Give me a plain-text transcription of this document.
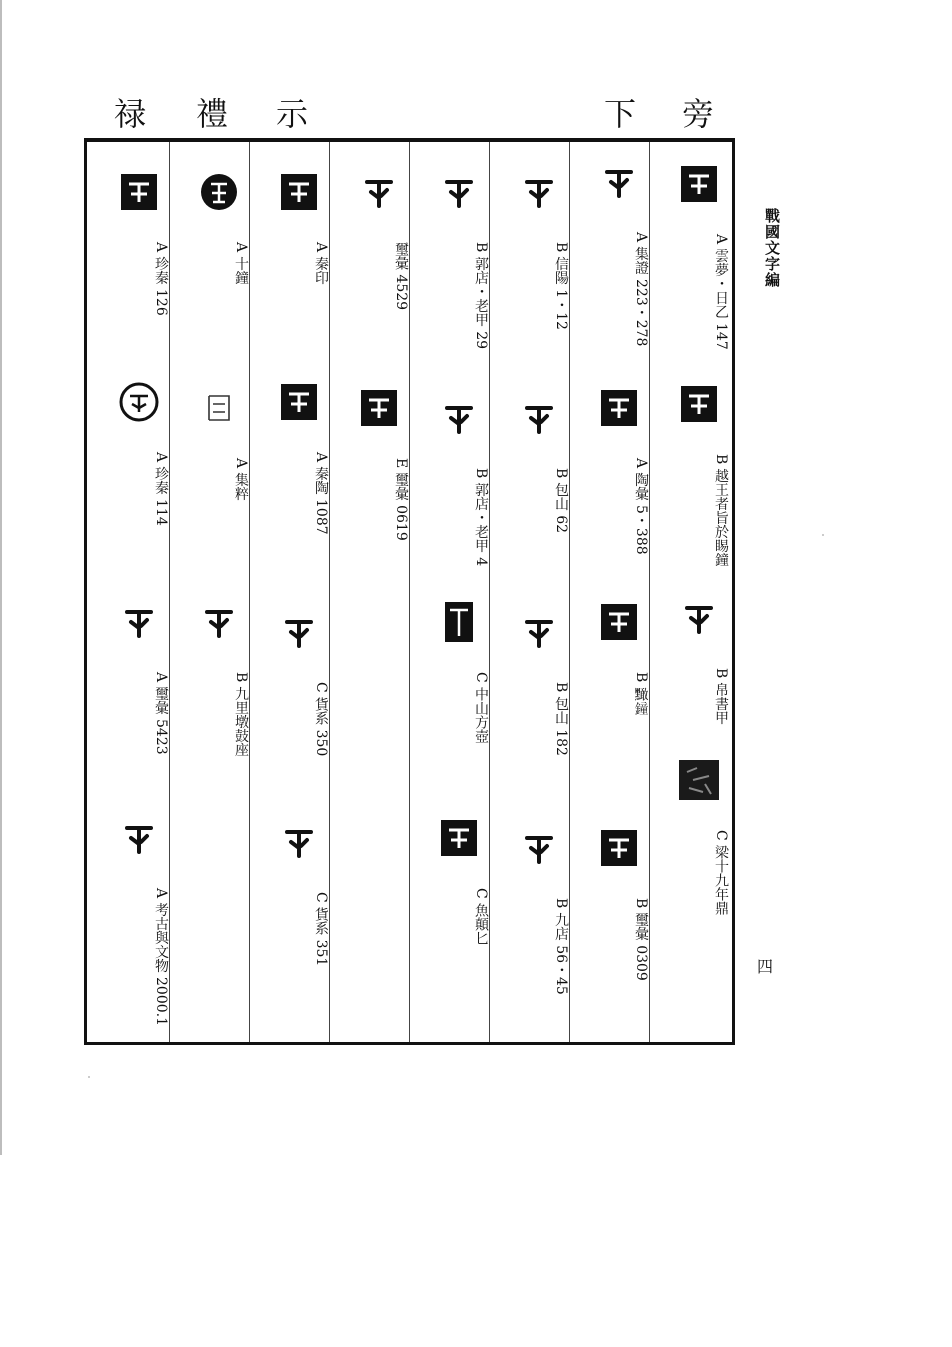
禄	禮	示	下	旁
A 雲夢・日乙 147
B 越王者旨於睗鐘
B 帛書甲
C 梁十九年鼎
A 集證 223・278
A 陶彙 5・388
B 𪒠鐘
B 璽彙 0309
B 信陽 1・12
B 包山 62
B 包山 182
B 九店 56・45
B 郭店・老甲 29
B 郭店・老甲 4
C 中山方壺
C 魚顛匕
璽彙 4529
E 璽彙 0619
A 秦印
A 秦陶 1087
C 貨系 350
C 貨系 351
A 十鐘
A 集粹
B 九里墩鼓座
A 珍秦 126
A 珍秦 114
A 璽彙 5423
A 考古與文物 2000.1
戰國文字編
四
